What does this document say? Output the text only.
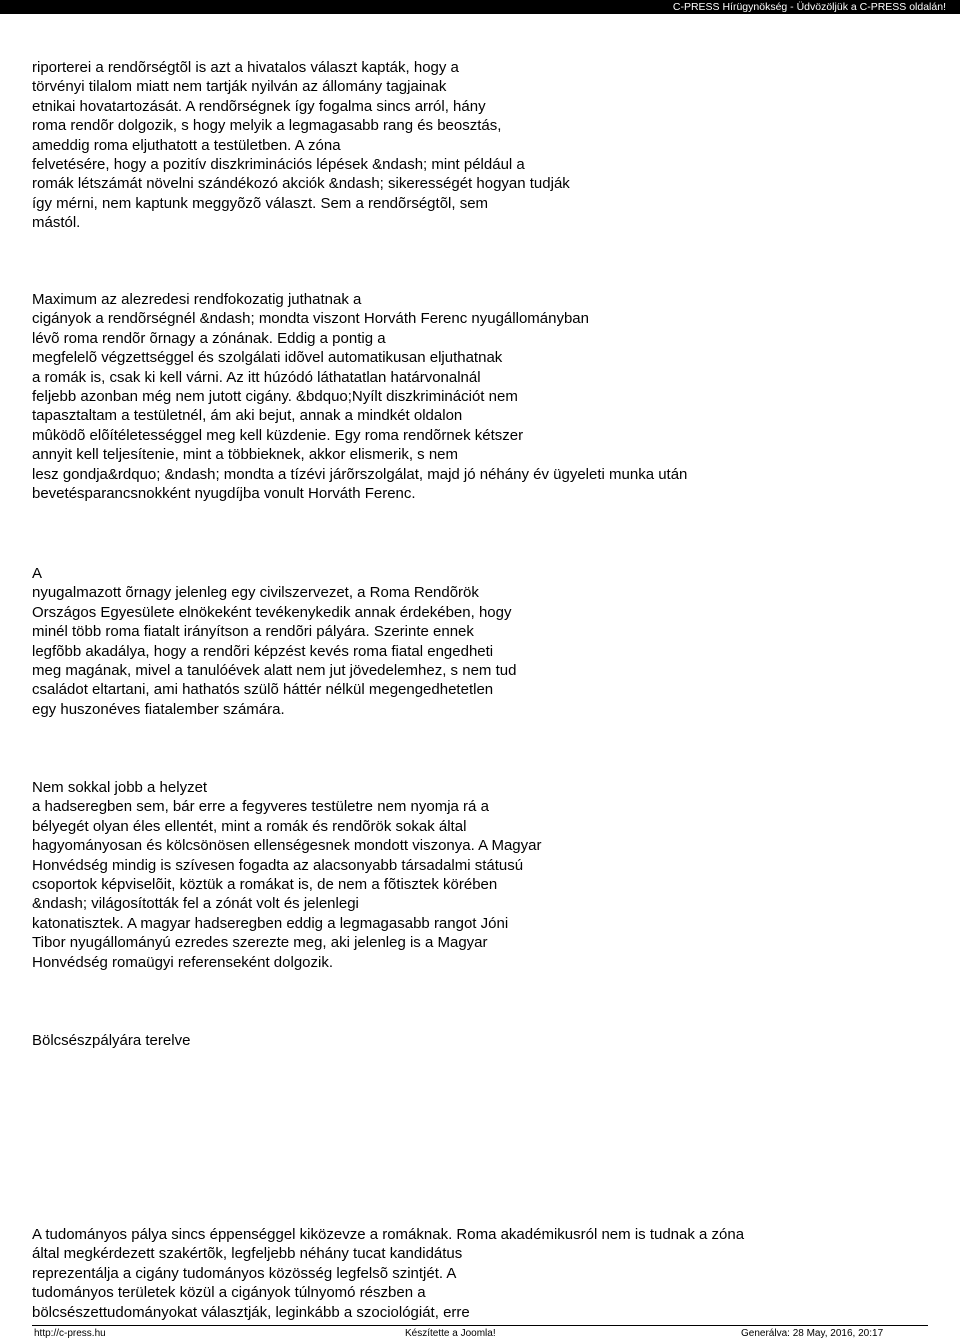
C-PRESS Hírügynökség - Üdvözöljük a C-PRESS oldalán!

riporterei a rendõrségtõl is azt a hivatalos választ kapták, hogy a
törvényi tilalom miatt nem tartják nyilván az állomány tagjainak
etnikai hovatartozását. A rendõrségnek így fogalma sincs arról, hány
roma rendõr dolgozik, s hogy melyik a legmagasabb rang és beosztás,
ameddig roma eljuthatott a testületben. A zóna
felvetésére, hogy a pozitív diszkriminációs lépések &ndash; mint például a
romák létszámát növelni szándékozó akciók &ndash; sikerességét hogyan tudják
így mérni, nem kaptunk meggyõzõ választ. Sem a rendõrségtõl, sem
mástól.

Maximum az alezredesi rendfokozatig juthatnak a
cigányok a rendõrségnél &ndash; mondta viszont Horváth Ferenc nyugállományban
lévõ roma rendõr õrnagy a zónának. Eddig a pontig a
megfelelõ végzettséggel és szolgálati idõvel automatikusan eljuthatnak
a romák is, csak ki kell várni. Az itt húzódó láthatatlan határvonalnál
feljebb azonban még nem jutott cigány. &bdquo;Nyílt diszkriminációt nem
tapasztaltam a testületnél, ám aki bejut, annak a mindkét oldalon
mûködõ elõítéletességgel meg kell küzdenie. Egy roma rendõrnek kétszer
annyit kell teljesítenie, mint a többieknek, akkor elismerik, s nem
lesz gondja&rdquo; &ndash; mondta a tízévi járõrszolgálat, majd jó néhány év ügyeleti munka után
bevetésparancsnokként nyugdíjba vonult Horváth Ferenc.

A
nyugalmazott õrnagy jelenleg egy civilszervezet, a Roma Rendõrök
Országos Egyesülete elnökeként tevékenykedik annak érdekében, hogy
minél több roma fiatalt irányítson a rendõri pályára. Szerinte ennek
legfõbb akadálya, hogy a rendõri képzést kevés roma fiatal engedheti
meg magának, mivel a tanulóévek alatt nem jut jövedelemhez, s nem tud
családot eltartani, ami hathatós szülõ háttér nélkül megengedhetetlen
egy huszonéves fiatalember számára.

Nem sokkal jobb a helyzet
a hadseregben sem, bár erre a fegyveres testületre nem nyomja rá a
bélyegét olyan éles ellentét, mint a romák és rendõrök sokak által
hagyományosan és kölcsönösen ellenségesnek mondott viszonya. A Magyar
Honvédség mindig is szívesen fogadta az alacsonyabb társadalmi státusú
csoportok képviselõit, köztük a romákat is, de nem a fõtisztek körében
&ndash; világosították fel a zónát volt és jelenlegi
katonatisztek. A magyar hadseregben eddig a legmagasabb rangot Jóni
Tibor nyugállományú ezredes szerezte meg, aki jelenleg is a Magyar
Honvédség romaügyi referenseként dolgozik.

Bölcsészpályára terelve

A tudományos pálya sincs éppenséggel kiközevze a romáknak. Roma akadémikusról nem is tudnak a zóna
által megkérdezett szakértõk, legfeljebb néhány tucat kandidátus
reprezentálja a cigány tudományos közösség legfelsõ szintjét. A
tudományos területek közül a cigányok túlnyomó részben a
bölcsészettudományokat választják, leginkább a szociológiát, erre

http://c-press.hu	Készítette a Joomla!	Generálva: 28 May, 2016, 20:17
